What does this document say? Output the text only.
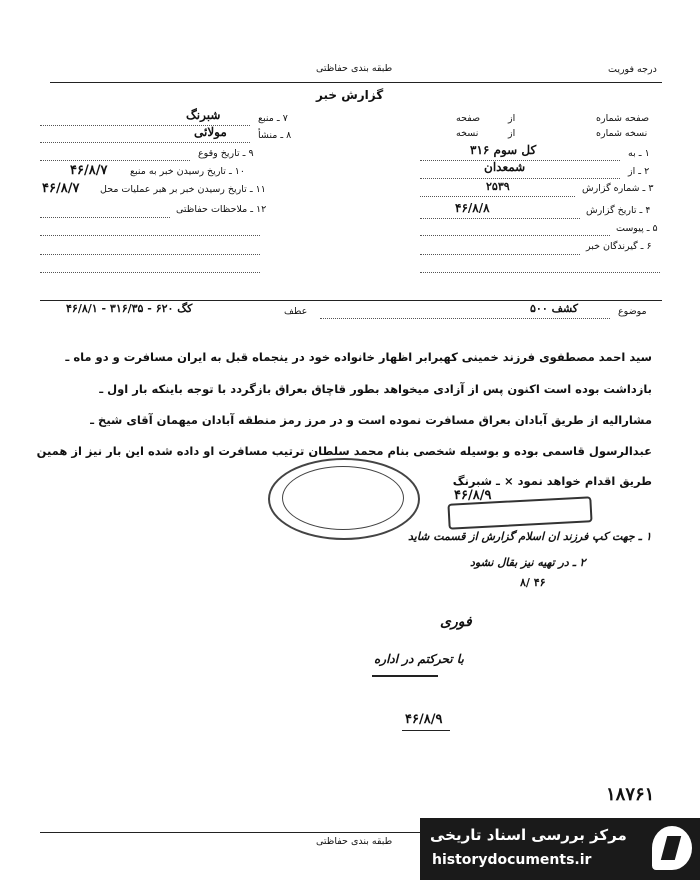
طبقه بندی حفاظتی	درجه فوریت
گزارش خبر
صفحه شماره
از
صفحه
نسخه شماره
از
نسخه
۱ ـ به
کل سوم ۳۱۶
۲ ـ از
شمعدان
۳ ـ شماره گزارش
۲۵۳۹
۴ ـ تاریخ گزارش
۴۶/۸/۸
۵ ـ پیوست
۶ ـ گیرندگان خبر
۷ ـ منبع
شبرنگ
۸ ـ منشأ
مولائی
۹ ـ تاریخ وقوع
۱۰ ـ تاریخ رسیدن خبر به منبع
۴۶/۸/۷
۱۱ ـ تاریخ رسیدن خبر بر هبر عملیات محل
۴۶/۸/۷
۱۲ ـ ملاحظات حفاظتی
موضوع
کشف ۵۰۰
عطف
کگ ۶۲۰ - ۳۱۶/۳۵ - ۴۶/۸/۱
سید احمد مصطفوی فرزند خمینی کهبرابر اظهار خانواده خود در ینجماه قبل به ایران مسافرت و دو ماه ـ
بازداشت بوده است اکنون پس از آزادی میخواهد بطور قاچاق بعراق بازگردد با توجه باینکه بار اول ـ
مشارالیه از طریق آبادان بعراق مسافرت نموده است و در مرز رمز منطقه آبادان میهمان آقای شیخ ـ
عبدالرسول قاسمی بوده و بوسیله شخصی بنام محمد سلطان ترتیب مسافرت او داده شده این بار نیز از همین
طریق اقدام خواهد نمود × ـ شبرنگ
۴۶/۸/۹
۱ ـ جهت کپ فرزند ان اسلام گزارش از قسمت شاید
۲ ـ در تهیه نیز بقال نشود
۸/ ۴۶
فوری
با تحرکتم در اداره
۴۶/۸/۹
۱۸۷۶۱
طبقه بندی حفاظتی	مرکز بررسی اسناد تاریخی
historydocuments.ir
